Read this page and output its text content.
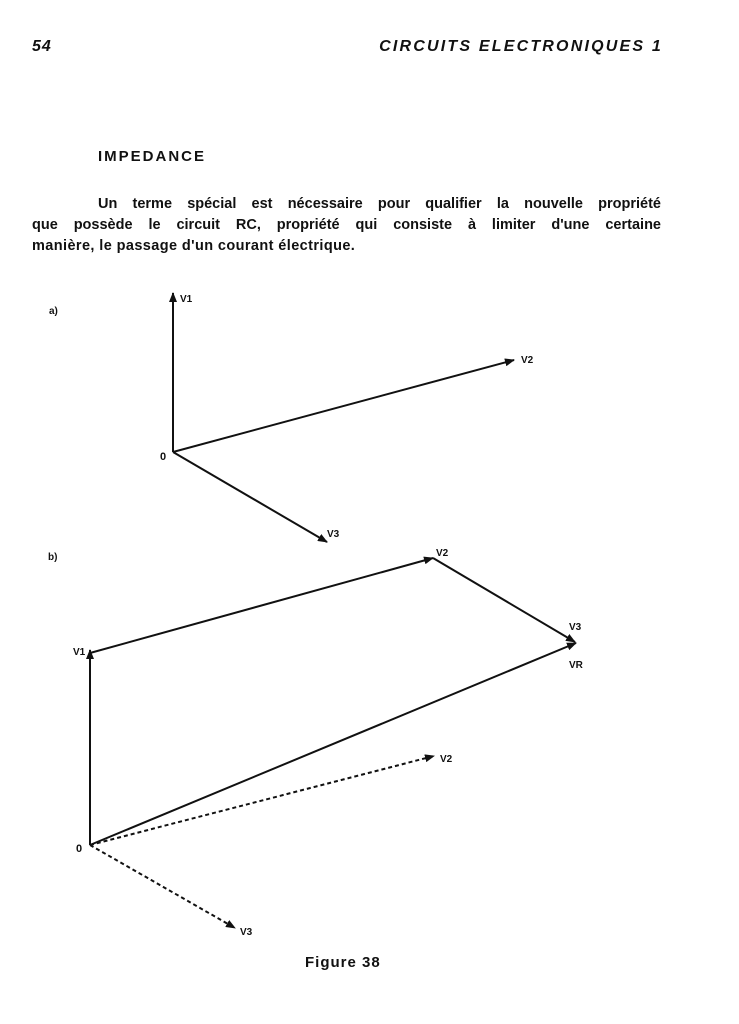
54	CIRCUITS ELECTRONIQUES 1
IMPEDANCE

Un terme spécial est nécessaire pour qualifier la nouvelle propriété
que possède le circuit RC, propriété qui consiste à limiter d'une certaine
manière, le passage d'un courant électrique.

a)
0
V1
V2
V3
b)
0
V1
V2
V3
VR
V2
V3
Figure 38
